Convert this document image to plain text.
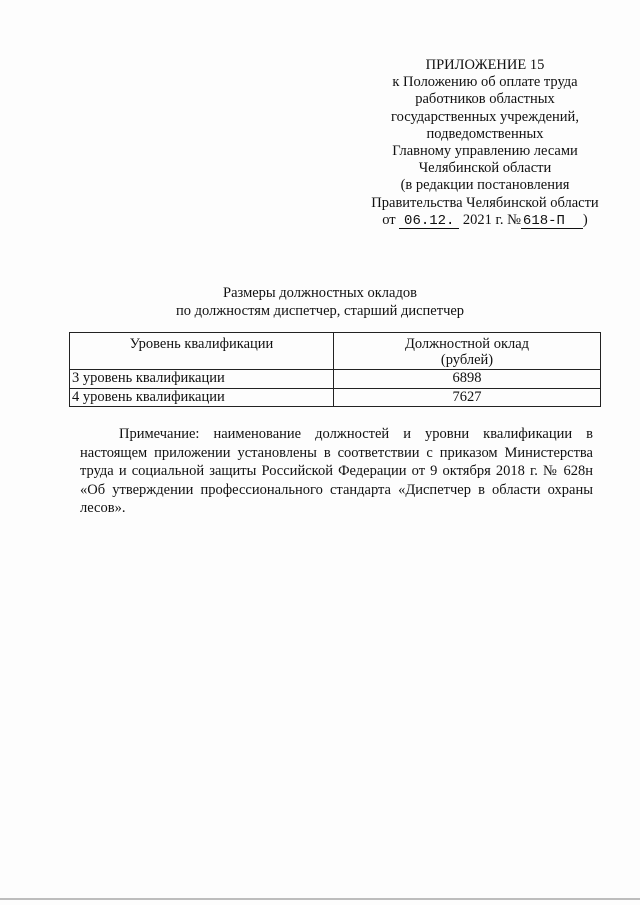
ПРИЛОЖЕНИЕ 15
к Положению об оплате труда
работников областных
государственных учреждений,
подведомственных
Главному управлению лесами
Челябинской области
(в редакции постановления
Правительства Челябинской области
от 06.12. 2021 г. № 618-П )
Размеры должностных окладов
по должностям диспетчер, старший диспетчер
Уровень квалификации	Должностной оклад
(рублей)

3 уровень квалификации	6898
4 уровень квалификации	7627
Примечание: наименование должностей и уровни квалификации в настоящем приложении установлены в соответствии с приказом Министерства труда и социальной защиты Российской Федерации от 9 октября 2018 г. № 628н «Об утверждении профессионального стандарта «Диспетчер в области охраны лесов».
